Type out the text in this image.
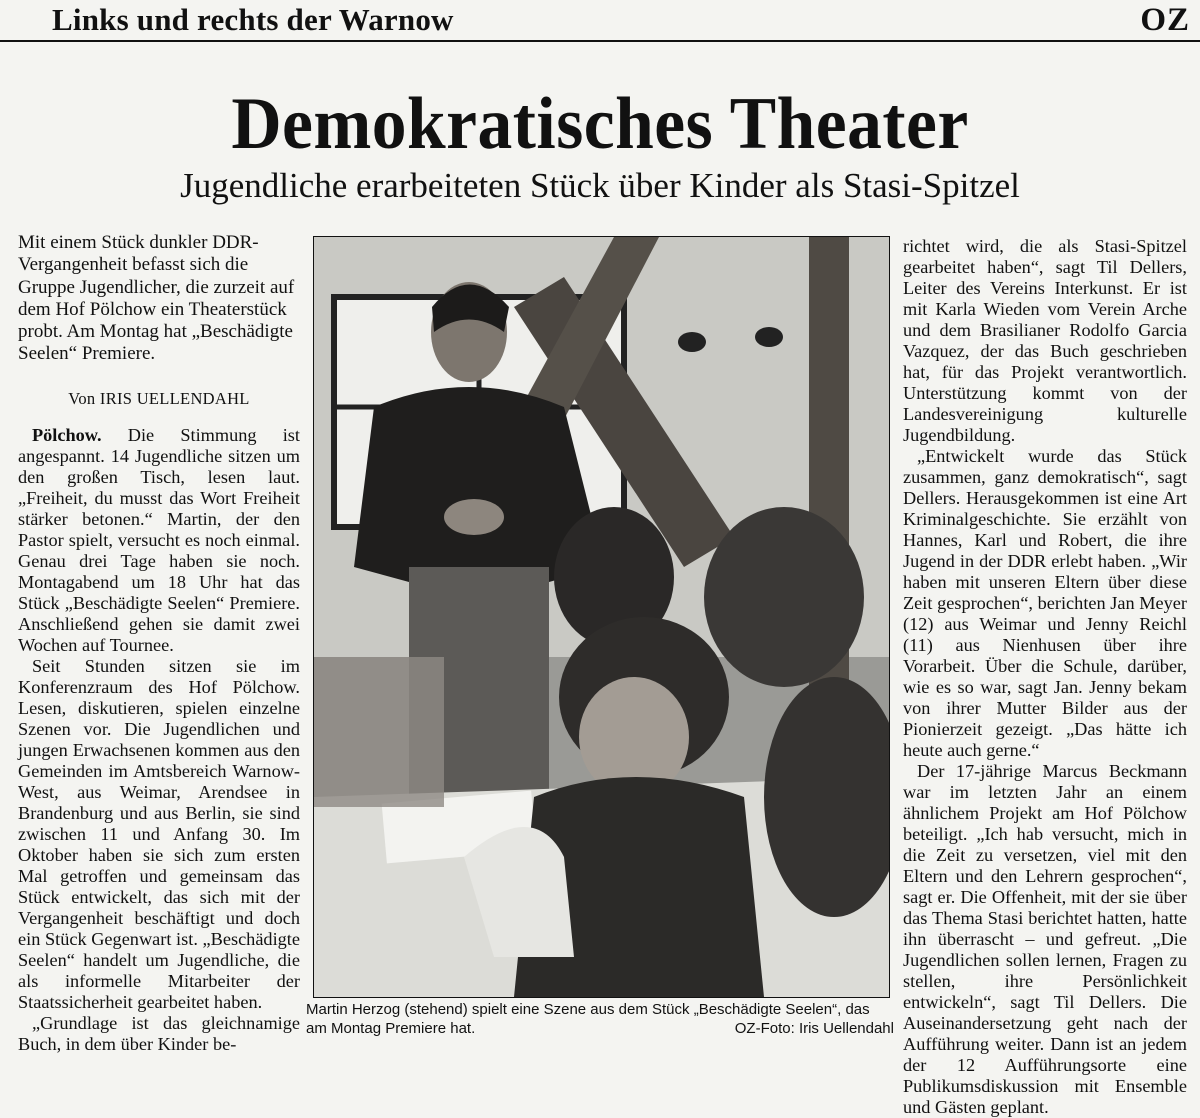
Links und rechts der Warnow	OZ
Demokratisches Theater
Jugendliche erarbeiteten Stück über Kinder als Stasi-Spitzel

Mit einem Stück dunkler DDR-Vergangenheit befasst sich die Gruppe Jugendlicher, die zurzeit auf dem Hof Pölchow ein Theaterstück probt. Am Montag hat „Beschädigte Seelen“ Premiere.

Von IRIS UELLENDAHL

Pölchow. Die Stimmung ist angespannt. 14 Jugendliche sitzen um den großen Tisch, lesen laut. „Freiheit, du musst das Wort Freiheit stärker betonen.“ Martin, der den Pastor spielt, versucht es noch einmal. Genau drei Tage haben sie noch. Montagabend um 18 Uhr hat das Stück „Beschädigte Seelen“ Premiere. Anschließend gehen sie damit zwei Wochen auf Tournee.

Seit Stunden sitzen sie im Konferenzraum des Hof Pölchow. Lesen, diskutieren, spielen einzelne Szenen vor. Die Jugendlichen und jungen Erwachsenen kommen aus den Gemeinden im Amtsbereich Warnow-West, aus Weimar, Arendsee in Brandenburg und aus Berlin, sie sind zwischen 11 und Anfang 30. Im Oktober haben sie sich zum ersten Mal getroffen und gemeinsam das Stück entwickelt, das sich mit der Vergangenheit beschäftigt und doch ein Stück Gegenwart ist. „Beschädigte Seelen“ handelt um Jugendliche, die als informelle Mitarbeiter der Staatssicherheit gearbeitet haben.

„Grundlage ist das gleichnamige Buch, in dem über Kinder be-

Martin Herzog (stehend) spielt eine Szene aus dem Stück „Beschädigte Seelen“, das am Montag Premiere hat.	OZ-Foto: Iris Uellendahl

richtet wird, die als Stasi-Spitzel gearbeitet haben“, sagt Til Dellers, Leiter des Vereins Interkunst. Er ist mit Karla Wieden vom Verein Arche und dem Brasilianer Rodolfo Garcia Vazquez, der das Buch geschrieben hat, für das Projekt verantwortlich. Unterstützung kommt von der Landesvereinigung kulturelle Jugendbildung.

„Entwickelt wurde das Stück zusammen, ganz demokratisch“, sagt Dellers. Herausgekommen ist eine Art Kriminalgeschichte. Sie erzählt von Hannes, Karl und Robert, die ihre Jugend in der DDR erlebt haben. „Wir haben mit unseren Eltern über diese Zeit gesprochen“, berichten Jan Meyer (12) aus Weimar und Jenny Reichl (11) aus Nienhusen über ihre Vorarbeit. Über die Schule, darüber, wie es so war, sagt Jan. Jenny bekam von ihrer Mutter Bilder aus der Pionierzeit gezeigt. „Das hätte ich heute auch gerne.“

Der 17-jährige Marcus Beckmann war im letzten Jahr an einem ähnlichem Projekt am Hof Pölchow beteiligt. „Ich hab versucht, mich in die Zeit zu versetzen, viel mit den Eltern und den Lehrern gesprochen“, sagt er. Die Offenheit, mit der sie über das Thema Stasi berichtet hatten, hatte ihn überrascht – und gefreut. „Die Jugendlichen sollen lernen, Fragen zu stellen, ihre Persönlichkeit entwickeln“, sagt Til Dellers. Die Auseinandersetzung geht nach der Aufführung weiter. Dann ist an jedem der 12 Aufführungsorte eine Publikumsdiskussion mit Ensemble und Gästen geplant.
